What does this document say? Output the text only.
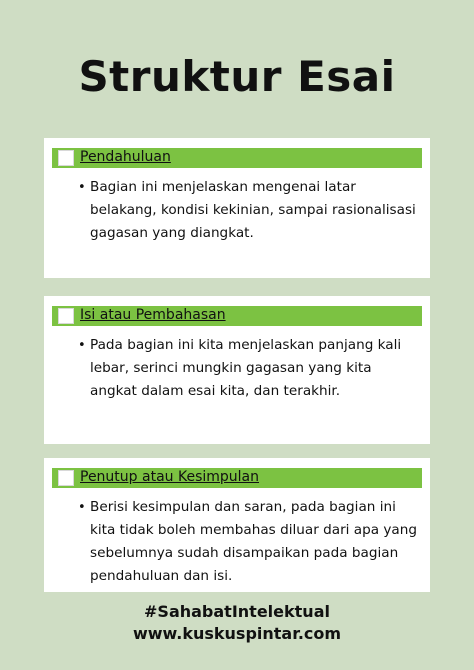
Struktur Esai
Pendahuluan
• Bagian ini menjelaskan mengenai latar belakang, kondisi kekinian, sampai rasionalisasi gagasan yang diangkat.
Isi atau Pembahasan
• Pada bagian ini kita menjelaskan panjang kali lebar, serinci mungkin gagasan yang kita angkat dalam esai kita, dan terakhir.
Penutup atau Kesimpulan
• Berisi kesimpulan dan saran, pada bagian ini kita tidak boleh membahas diluar dari apa yang sebelumnya sudah disampaikan pada bagian pendahuluan dan isi.
#SahabatIntelektual
www.kuskuspintar.com
